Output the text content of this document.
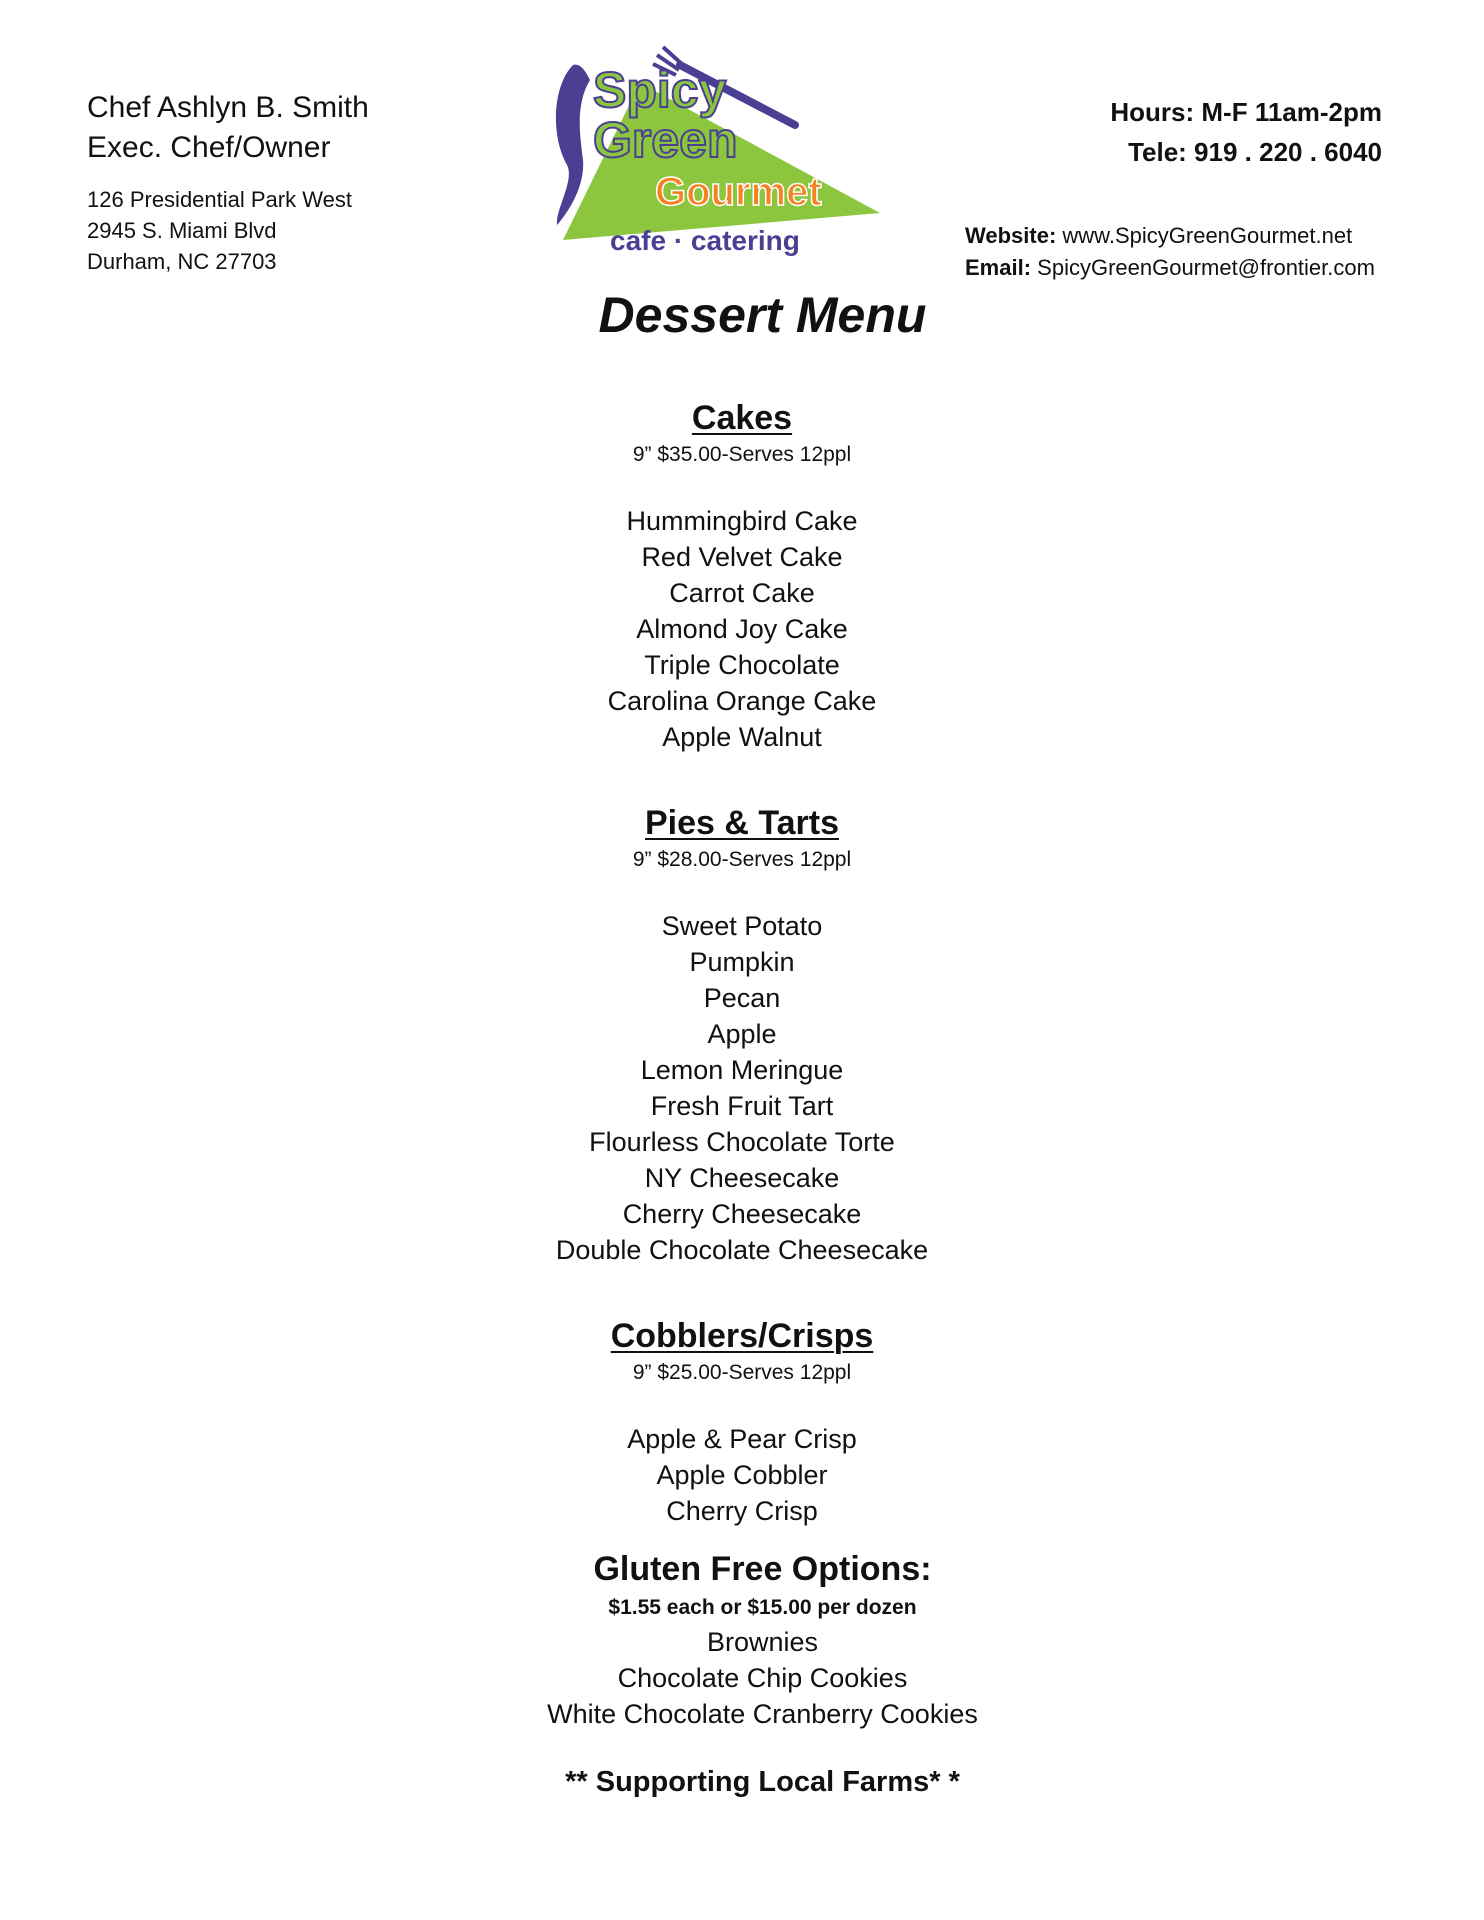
Chef Ashlyn B. Smith
Exec. Chef/Owner
126 Presidential Park West
2945 S. Miami Blvd
Durham, NC 27703
Spicy
Green
Gourmet
cafe · catering
Hours: M-F 11am-2pm
Tele: 919 . 220 . 6040
Website: www.SpicyGreenGourmet.net
Email: SpicyGreenGourmet@frontier.com
Dessert Menu
Cakes
9” $35.00-Serves 12ppl
Hummingbird Cake
Red Velvet Cake
Carrot Cake
Almond Joy Cake
Triple Chocolate
Carolina Orange Cake
Apple Walnut
Pies & Tarts
9” $28.00-Serves 12ppl
Sweet Potato
Pumpkin
Pecan
Apple
Lemon Meringue
Fresh Fruit Tart
Flourless Chocolate Torte
NY Cheesecake
Cherry Cheesecake
Double Chocolate Cheesecake
Cobblers/Crisps
9” $25.00-Serves 12ppl
Apple & Pear Crisp
Apple Cobbler
Cherry Crisp
Gluten Free Options:
$1.55 each or $15.00 per dozen
Brownies
Chocolate Chip Cookies
White Chocolate Cranberry Cookies
** Supporting Local Farms* *
